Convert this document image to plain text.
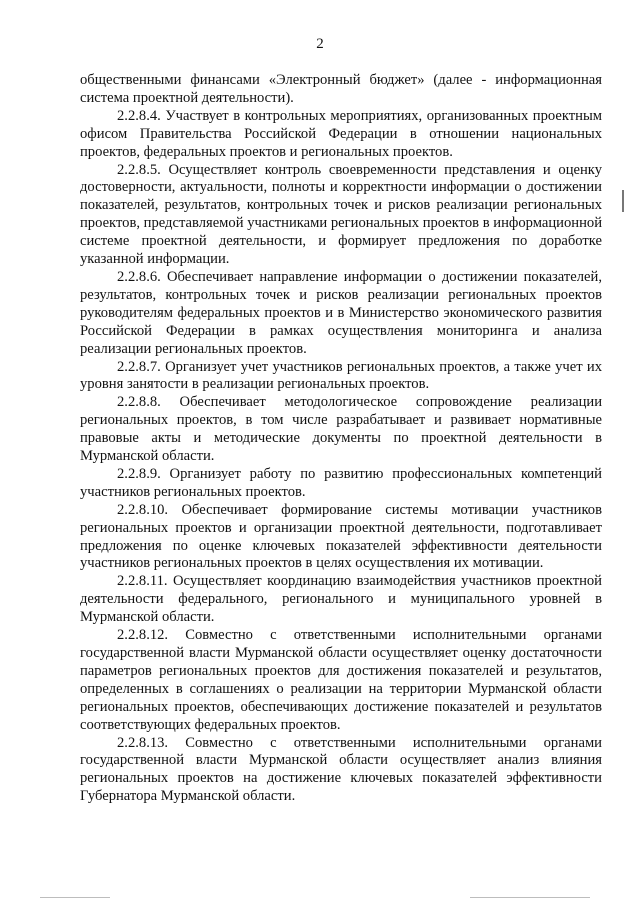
2

общественными финансами «Электронный бюджет» (далее - информационная система проектной деятельности).

2.2.8.4. Участвует в контрольных мероприятиях, организованных проектным офисом Правительства Российской Федерации в отношении национальных проектов, федеральных проектов и региональных проектов.

2.2.8.5. Осуществляет контроль своевременности представления и оценку достоверности, актуальности, полноты и корректности информации о достижении показателей, результатов, контрольных точек и рисков реализации региональных проектов, представляемой участниками региональных проектов в информационной системе проектной деятельности, и формирует предложения по доработке указанной информации.

2.2.8.6. Обеспечивает направление информации о достижении показателей, результатов, контрольных точек и рисков реализации региональных проектов руководителям федеральных проектов и в Министерство экономического развития Российской Федерации в рамках осуществления мониторинга и анализа реализации региональных проектов.

2.2.8.7. Организует учет участников региональных проектов, а также учет их уровня занятости в реализации региональных проектов.

2.2.8.8. Обеспечивает методологическое сопровождение реализации региональных проектов, в том числе разрабатывает и развивает нормативные правовые акты и методические документы по проектной деятельности в Мурманской области.

2.2.8.9. Организует работу по развитию профессиональных компетенций участников региональных проектов.

2.2.8.10. Обеспечивает формирование системы мотивации участников региональных проектов и организации проектной деятельности, подготавливает предложения по оценке ключевых показателей эффективности деятельности участников региональных проектов в целях осуществления их мотивации.

2.2.8.11. Осуществляет координацию взаимодействия участников проектной деятельности федерального, регионального и муниципального уровней в Мурманской области.

2.2.8.12. Совместно с ответственными исполнительными органами государственной власти Мурманской области осуществляет оценку достаточности параметров региональных проектов для достижения показателей и результатов, определенных в соглашениях о реализации на территории Мурманской области региональных проектов, обеспечивающих достижение показателей и результатов соответствующих федеральных проектов.

2.2.8.13. Совместно с ответственными исполнительными органами государственной власти Мурманской области осуществляет анализ влияния региональных проектов на достижение ключевых показателей эффективности Губернатора Мурманской области.
